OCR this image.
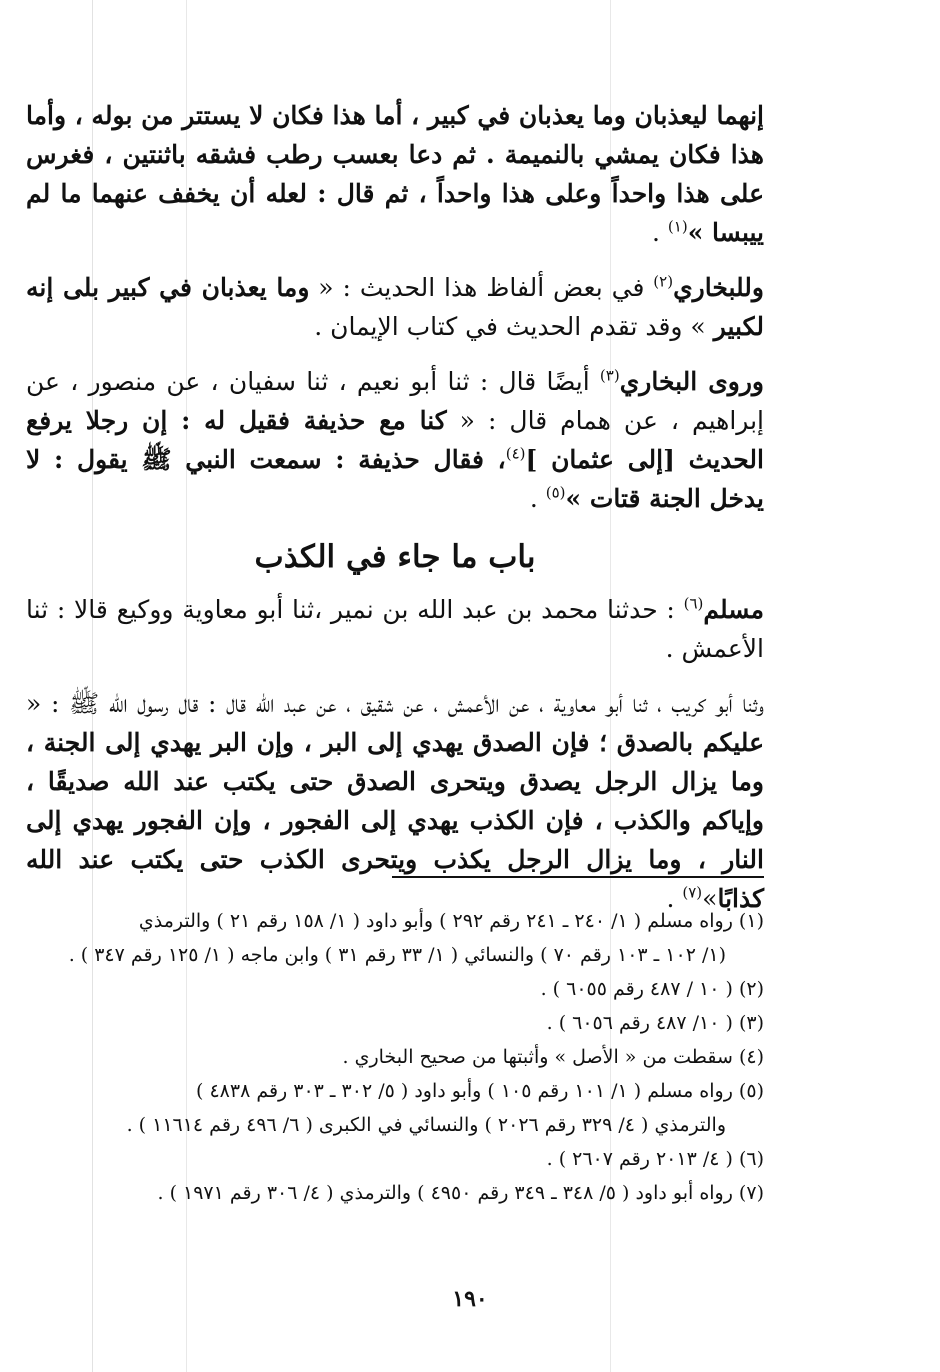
إنهما ليعذبان وما يعذبان في كبير ، أما هذا فكان لا يستتر من بوله ، وأما هذا فكان يمشي بالنميمة . ثم دعا بعسب رطب فشقه باثنتين ، فغرس على هذا واحداً وعلى هذا واحداً ، ثم قال : لعله أن يخفف عنهما ما لم ييبسا »$^{(١)}$ .

وللبخاري$^{(٢)}$ في بعض ألفاظ هذا الحديث : « وما يعذبان في كبير بلى إنه لكبير » وقد تقدم الحديث في كتاب الإيمان .

وروى البخاري$^{(٣)}$ أيضًا قال : ثنا أبو نعيم ، ثنا سفيان ، عن منصور ، عن إبراهيم ، عن همام قال : « كنا مع حذيفة فقيل له : إن رجلا يرفع الحديث [إلى عثمان ]$^{(٤)}$، فقال حذيفة : سمعت النبي ﷺ يقول : لا يدخل الجنة قتات »$^{(٥)}$ .

باب ما جاء في الكذب

مسلم$^{(٦)}$ : حدثنا محمد بن عبد الله بن نمير ،ثنا أبو معاوية ووكيع قالا : ثنا الأعمش .

وثنا أبو كريب ، ثنا أبو معاوية ، عن الأعمش ، عن شقيق ، عن عبد الله قال : قال رسول الله ﷺ : « عليكم بالصدق ؛ فإن الصدق يهدي إلى البر ، وإن البر يهدي إلى الجنة ، وما يزال الرجل يصدق ويتحرى الصدق حتى يكتب عند الله صديقًا ، وإياكم والكذب ، فإن الكذب يهدي إلى الفجور ، وإن الفجور يهدي إلى النار ، وما يزال الرجل يكذب ويتحرى الكذب حتى يكتب عند الله كذابًا»$^{(٧)}$ .

(١) رواه مسلم ( ١/ ٢٤٠ ـ ٢٤١ رقم ٢٩٢ ) وأبو داود ( ١/ ١٥٨ رقم ٢١ ) والترمذي
(١/ ١٠٢ ـ ١٠٣ رقم ٧٠ ) والنسائي ( ١/ ٣٣ رقم ٣١ ) وابن ماجه ( ١/ ١٢٥ رقم ٣٤٧ ) .
(٢) ( ١٠ / ٤٨٧ رقم ٦٠٥٥ ) .
(٣) ( ١٠/ ٤٨٧ رقم ٦٠٥٦ ) .
(٤) سقطت من « الأصل » وأثبتها من صحيح البخاري .
(٥) رواه مسلم ( ١/ ١٠١ رقم ١٠٥ ) وأبو داود ( ٥/ ٣٠٢ ـ ٣٠٣ رقم ٤٨٣٨ )
والترمذي ( ٤/ ٣٢٩ رقم ٢٠٢٦ ) والنسائي في الكبرى ( ٦/ ٤٩٦ رقم ١١٦١٤ ) .
(٦) ( ٤/ ٢٠١٣ رقم ٢٦٠٧ ) .
(٧) رواه أبو داود ( ٥/ ٣٤٨ ـ ٣٤٩ رقم ٤٩٥٠ ) والترمذي ( ٤/ ٣٠٦ رقم ١٩٧١ ) .
١٩٠
